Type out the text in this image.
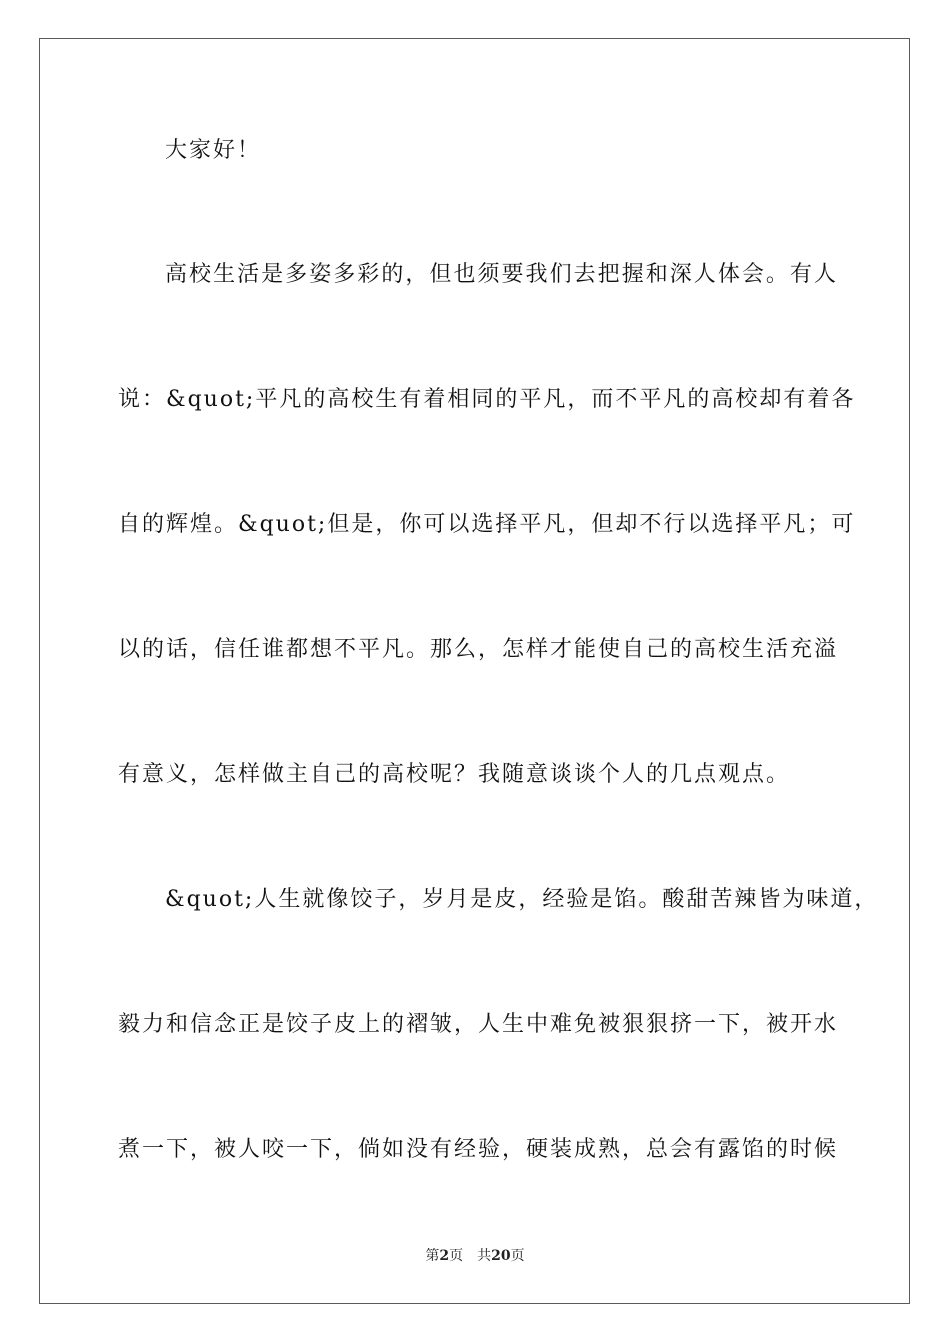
大家好！
高校生活是多姿多彩的，但也须要我们去把握和深人体会。有人
说：&quot;平凡的高校生有着相同的平凡，而不平凡的高校却有着各
自的辉煌。&quot;但是，你可以选择平凡，但却不行以选择平凡；可
以的话，信任谁都想不平凡。那么，怎样才能使自己的高校生活充溢
有意义，怎样做主自己的高校呢？我随意谈谈个人的几点观点。
&quot;人生就像饺子，岁月是皮，经验是馅。酸甜苦辣皆为味道，
毅力和信念正是饺子皮上的褶皱，人生中难免被狠狠挤一下，被开水
煮一下，被人咬一下，倘如没有经验，硬装成熟，总会有露馅的时候
第2页 共20页
